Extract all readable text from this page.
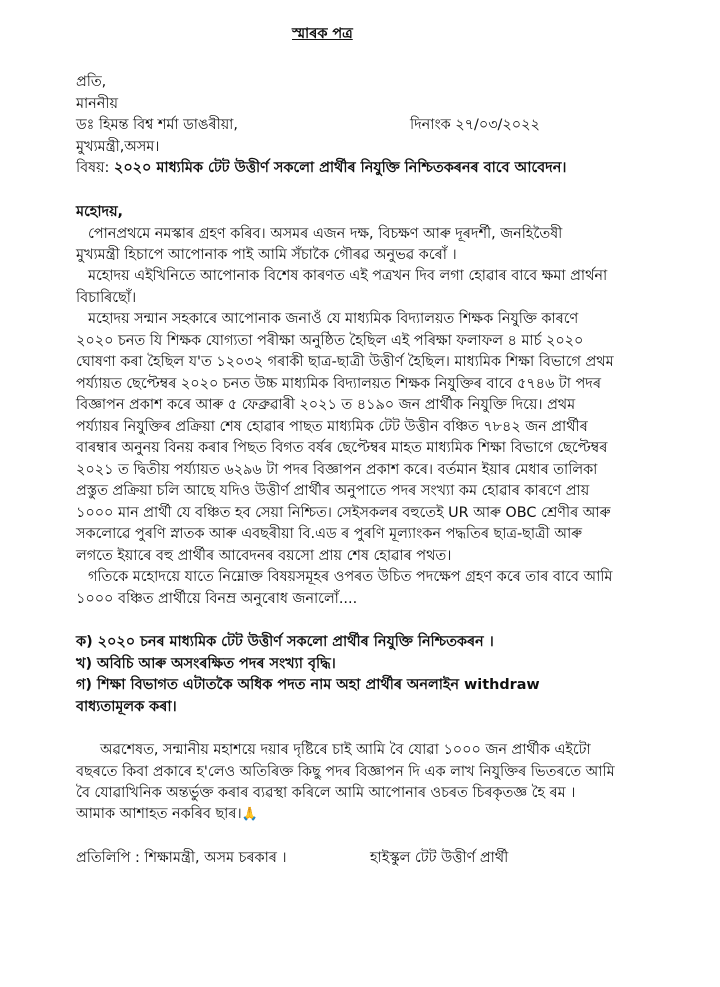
স্মাৰক পত্ৰ
প্ৰতি,
মাননীয়
ডঃ হিমন্ত বিশ্ব শৰ্মা ডাঙৰীয়া,	দিনাংক ২৭/০৩/২০২২
মুখ্যমন্ত্ৰী,অসম।
বিষয়: ২০২০ মাধ্যমিক টেট উত্তীৰ্ণ সকলো প্ৰাৰ্থীৰ নিযুক্তি নিশ্চিতকৰনৰ বাবে আবেদন।
মহোদয়,
পোনপ্ৰথমে নমস্কাৰ গ্ৰহণ কৰিব। অসমৰ এজন দক্ষ, বিচক্ষণ আৰু দূৰদৰ্শী, জনহিতৈষী
মুখ্যমন্ত্ৰী হিচাপে আপোনাক পাই আমি সঁচাকৈ গৌৰৱ অনুভৱ কৰোঁ ।
মহোদয় এইখিনিতে আপোনাক বিশেষ কাৰণত এই পত্ৰখন দিব লগা হোৱাৰ বাবে ক্ষমা প্ৰাৰ্থনা
বিচাৰিছোঁ।
মহোদয় সন্মান সহকাৰে আপোনাক জনাওঁ যে মাধ্যমিক বিদ্যালয়ত শিক্ষক নিযুক্তি কাৰণে
২০২০ চনত যি শিক্ষক যোগ্যতা পৰীক্ষা অনুষ্ঠিত হৈছিল এই পৰিক্ষা ফলাফল ৪ মাৰ্চ ২০২০
ঘোষণা কৰা হৈছিল য'ত ১২০৩২ গৰাকী ছাত্ৰ-ছাত্ৰী উত্তীৰ্ণ হৈছিল। মাধ্যমিক শিক্ষা বিভাগে প্ৰথম
পৰ্য্যায়ত ছেপ্টেম্বৰ ২০২০ চনত উচ্চ মাধ্যমিক বিদ্যালয়ত শিক্ষক নিযুক্তিৰ বাবে ৫৭৪৬ টা পদৰ
বিজ্ঞাপন প্ৰকাশ কৰে আৰু ৫ ফেব্ৰুৱাৰী ২০২১ ত ৪১৯০ জন প্ৰাৰ্থীক নিযুক্তি দিয়ে। প্ৰথম
পৰ্য্যায়ৰ নিযুক্তিৰ প্ৰক্ৰিয়া শেষ হোৱাৰ পাছত মাধ্যমিক টেট উত্তীন বঞ্চিত ৭৮৪২ জন প্ৰাৰ্থীৰ
বাৰম্বাৰ অনুনয় বিনয় কৰাৰ পিছত বিগত বৰ্ষৰ ছেপ্টেম্বৰ মাহত মাধ্যমিক শিক্ষা বিভাগে ছেপ্টেম্বৰ
২০২১ ত দ্বিতীয় পৰ্য্যায়ত ৬২৯৬ টা পদৰ বিজ্ঞাপন প্ৰকাশ কৰে। বৰ্তমান ইয়াৰ মেধাৰ তালিকা
প্ৰস্তুত প্ৰক্ৰিয়া চলি আছে যদিও উত্তীৰ্ণ প্ৰাৰ্থীৰ অনুপাতে পদৰ সংখ্যা কম হোৱাৰ কাৰণে প্ৰায়
১০০০ মান প্ৰাৰ্থী যে বঞ্চিত হব সেয়া নিশ্চিত। সেইসকলৰ বহুতেই UR আৰু OBC শ্ৰেণীৰ আৰু
সকলোৱে পুৰণি স্নাতক আৰু এবছৰীয়া বি.এড ৰ পুৰণি মূল্যাংকন পদ্ধতিৰ ছাত্ৰ-ছাত্ৰী আৰু
লগতে ইয়াৰে বহু প্ৰাৰ্থীৰ আবেদনৰ বয়সো প্ৰায় শেষ হোৱাৰ পথত।
গতিকে মহোদয়ে যাতে নিম্নোক্ত বিষয়সমূহৰ ওপৰত উচিত পদক্ষেপ গ্ৰহণ কৰে তাৰ বাবে আমি
১০০০ বঞ্চিত প্ৰাৰ্থীয়ে বিনম্ৰ অনুৰোধ জনালোঁ....
ক) ২০২০ চনৰ মাধ্যমিক টেট উত্তীৰ্ণ সকলো প্ৰাৰ্থীৰ নিযুক্তি নিশ্চিতকৰন ।
খ) অবিচি আৰু অসংৰক্ষিত পদৰ সংখ্যা বৃদ্ধি।
গ) শিক্ষা বিভাগত এটাতকৈ অধিক পদত নাম অহা প্ৰাৰ্থীৰ অনলাইন withdraw
বাধ্যতামূলক কৰা।
অৱশেষত, সন্মানীয় মহাশয়ে দয়াৰ দৃষ্টিৰে চাই আমি বৈ যোৱা ১০০০ জন প্ৰাৰ্থীক এইটো
বছৰতে কিবা প্ৰকাৰে হ'লেও অতিৰিক্ত কিছু পদৰ বিজ্ঞাপন দি এক লাখ নিযুক্তিৰ ভিতৰতে আমি
বৈ যোৱাখিনিক অন্তৰ্ভুক্ত কৰাৰ ব্যৱস্থা কৰিলে আমি আপোনাৰ ওচৰত চিৰকৃতজ্ঞ হৈ ৰম ।
আমাক আশাহত নকৰিব ছাৰ।🙏
প্ৰতিলিপি : শিক্ষামন্ত্ৰী, অসম চৰকাৰ ।	হাইস্কুল টেট উত্তীৰ্ণ প্ৰাৰ্থী
